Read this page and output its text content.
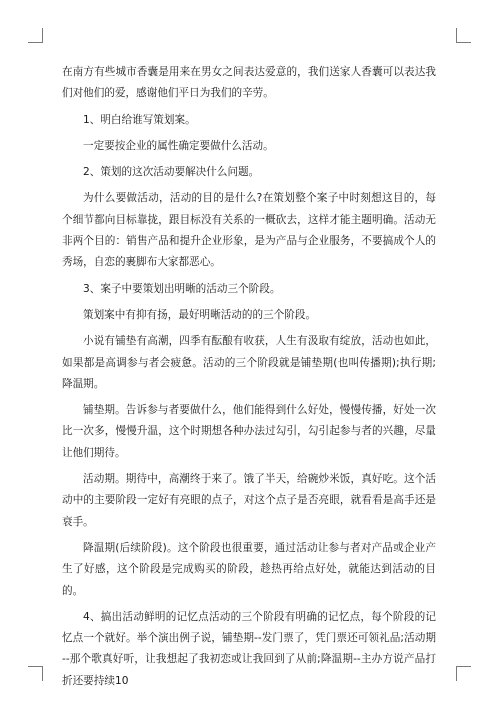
在南方有些城市香囊是用来在男女之间表达爱意的，我们送家人香囊可以表达我们对他们的爱，感谢他们平日为我们的辛劳。

1、明白给谁写策划案。

一定要按企业的属性确定要做什么活动。

2、策划的这次活动要解决什么问题。

为什么要做活动，活动的目的是什么?在策划整个案子中时刻想这目的，每个细节都向目标靠拢，跟目标没有关系的一概砍去，这样才能主题明确。活动无非两个目的：销售产品和提升企业形象，是为产品与企业服务，不要搞成个人的秀场，自恋的裹脚布大家都恶心。

3、案子中要策划出明晰的活动三个阶段。

策划案中有抑有扬，最好明晰活动的的三个阶段。

小说有铺垫有高潮，四季有酝酿有收获，人生有汲取有绽放，活动也如此，如果都是高调参与者会疲惫。活动的三个阶段就是铺垫期(也叫传播期);执行期;降温期。

铺垫期。告诉参与者要做什么，他们能得到什么好处，慢慢传播，好处一次比一次多，慢慢升温，这个时期想各种办法过勾引，勾引起参与者的兴趣，尽量让他们期待。

活动期。期待中，高潮终于来了。饿了半天，给碗炒米饭，真好吃。这个活动中的主要阶段一定好有亮眼的点子，对这个点子是否亮眼，就看看是高手还是衰手。

降温期(后续阶段)。这个阶段也很重要，通过活动让参与者对产品或企业产生了好感，这个阶段是完成购买的阶段，趁热再给点好处，就能达到活动的目的。

4、搞出活动鲜明的记忆点活动的三个阶段有明确的记忆点，每个阶段的记忆点一个就好。举个演出例子说，铺垫期--发门票了，凭门票还可领礼品;活动期 --那个歌真好听，让我想起了我初恋或让我回到了从前;降温期--主办方说产品打折还要持续10
